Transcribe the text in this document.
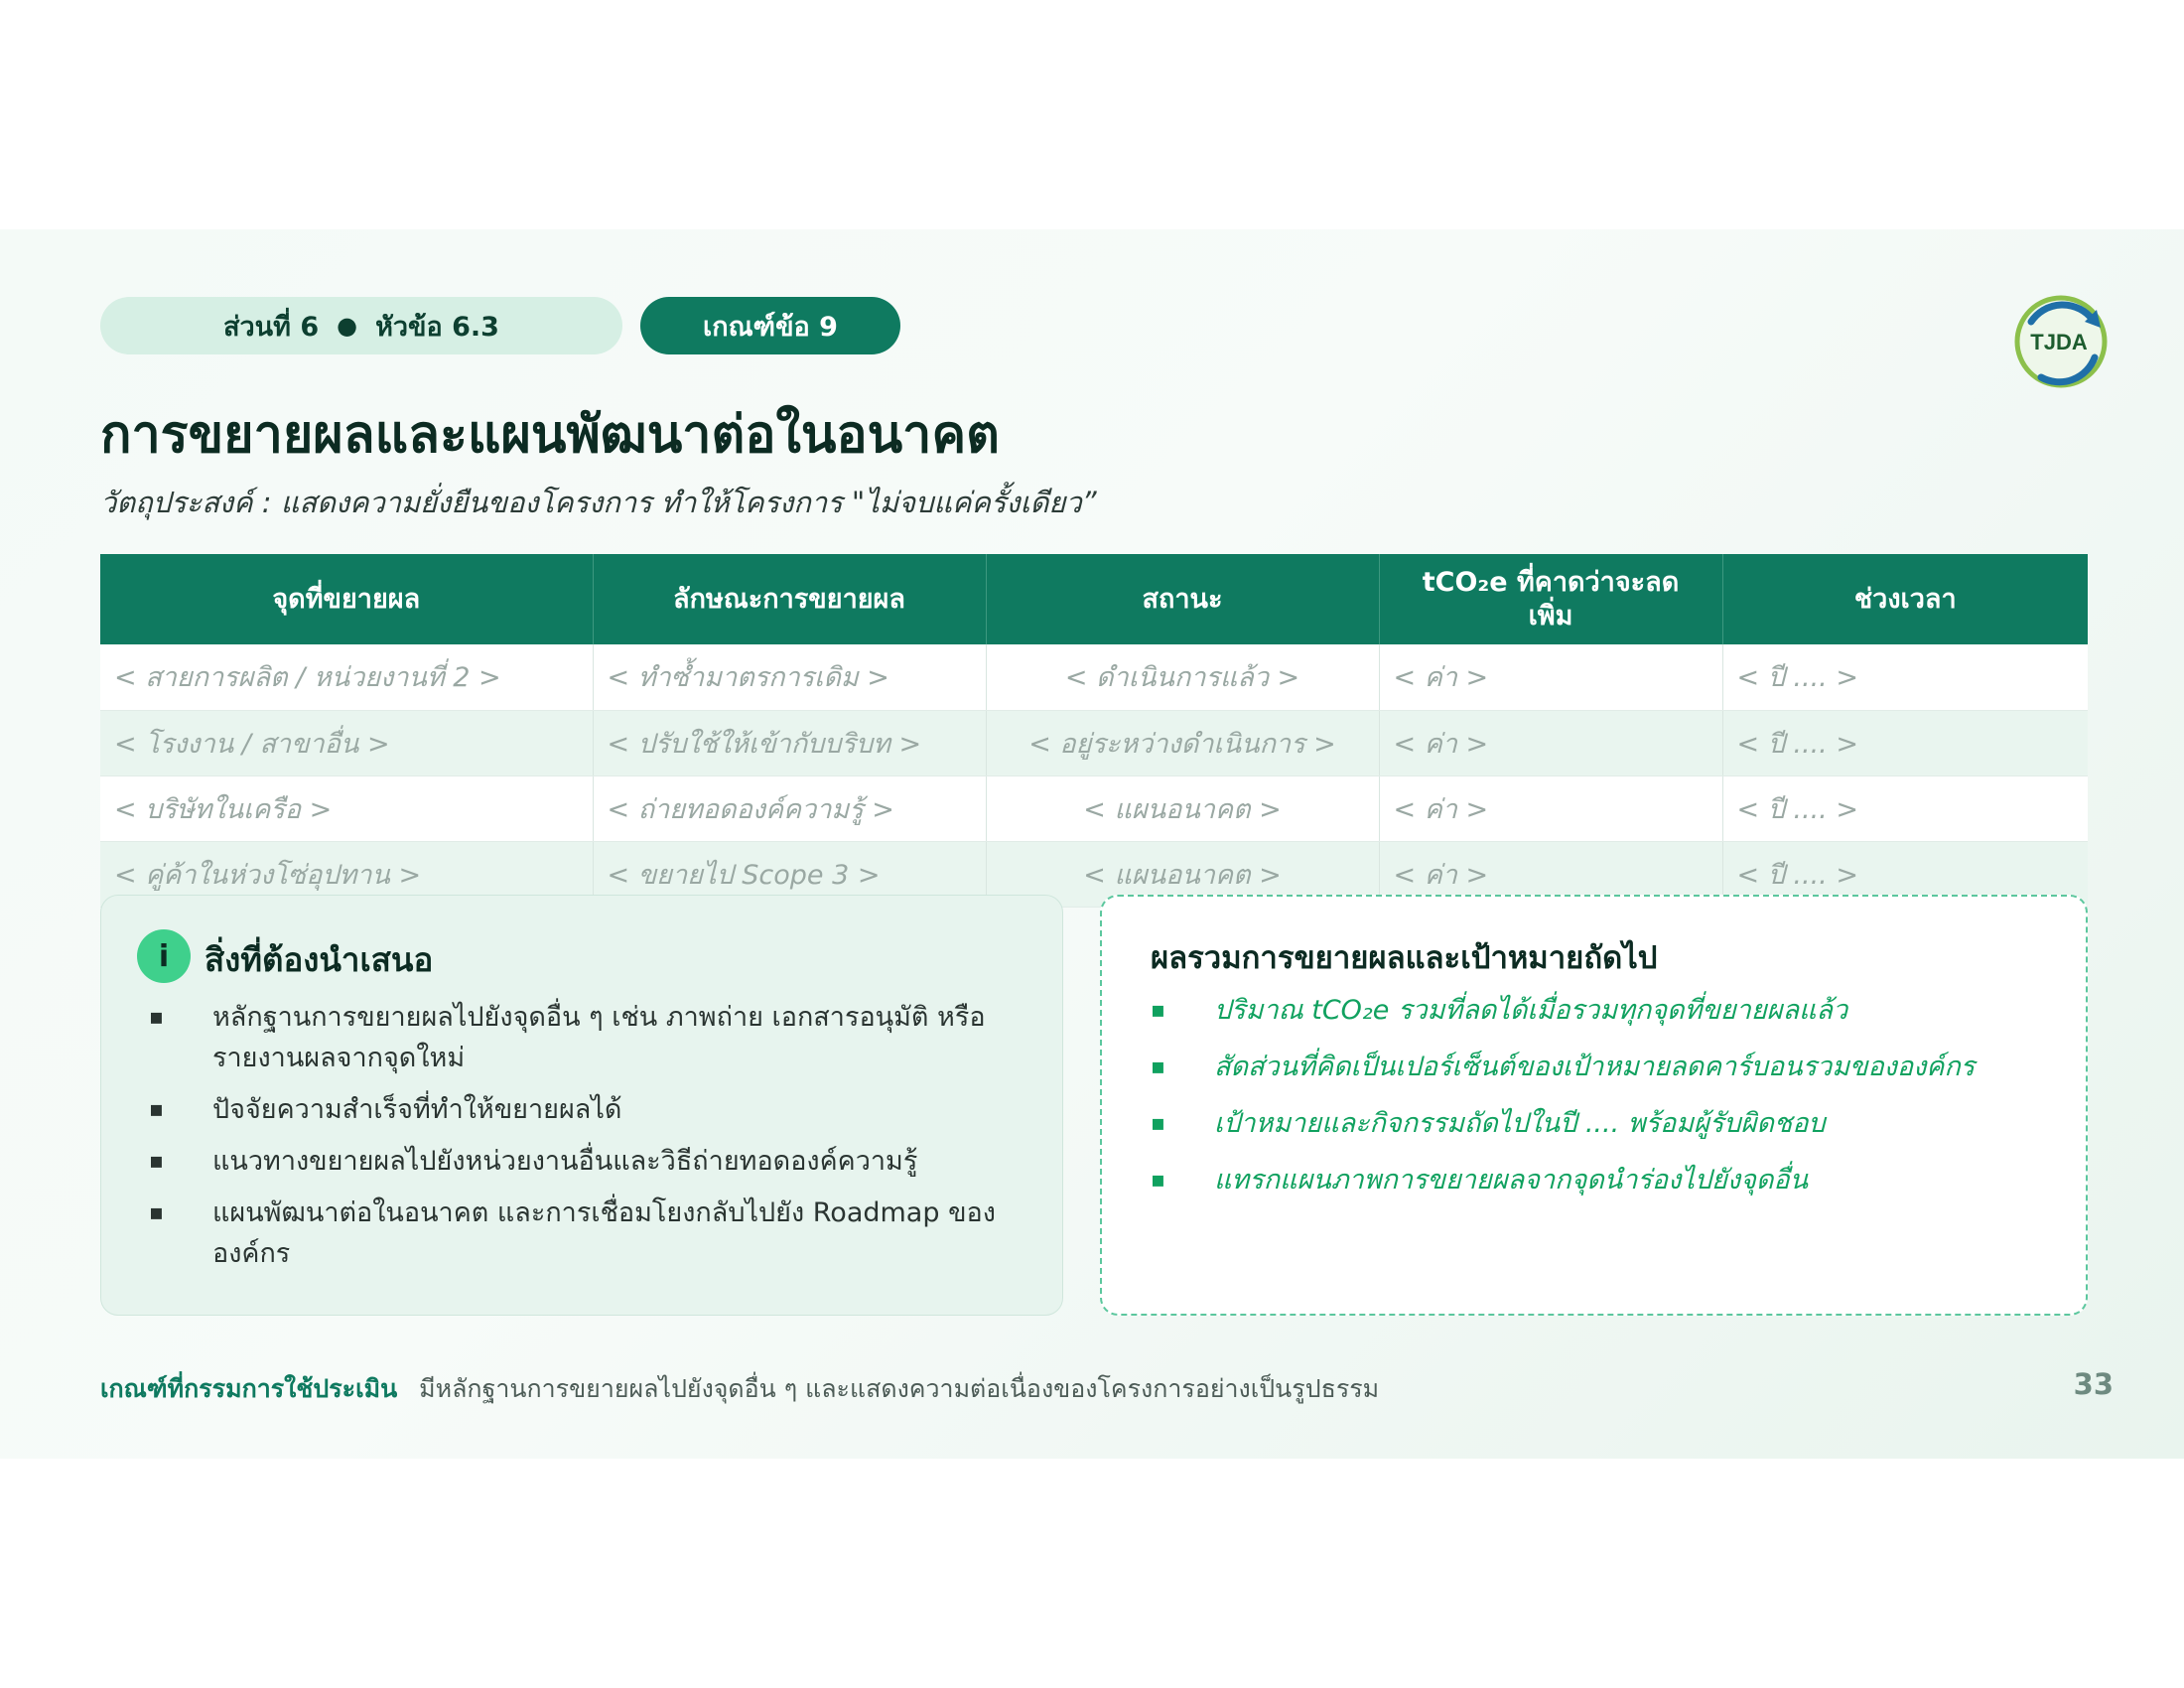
ส่วนที่ 6 ● หัวข้อ 6.3	เกณฑ์ข้อ 9	TJDA
การขยายผลและแผนพัฒนาต่อในอนาคต
วัตถุประสงค์ : แสดงความยั่งยืนของโครงการ ทำให้โครงการ "ไม่จบแค่ครั้งเดียว”
จุดที่ขยายผล	ลักษณะการขยายผล	สถานะ	tCO₂e ที่คาดว่าจะลดเพิ่ม	ช่วงเวลา
< สายการผลิต / หน่วยงานที่ 2 >	< ทำซ้ำมาตรการเดิม >	< ดำเนินการแล้ว >	< ค่า >	< ปี .... >
< โรงงาน / สาขาอื่น >	< ปรับใช้ให้เข้ากับบริบท >	< อยู่ระหว่างดำเนินการ >	< ค่า >	< ปี .... >
< บริษัทในเครือ >	< ถ่ายทอดองค์ความรู้ >	< แผนอนาคต >	< ค่า >	< ปี .... >
< คู่ค้าในห่วงโซ่อุปทาน >	< ขยายไป Scope 3 >	< แผนอนาคต >	< ค่า >	< ปี .... >
i	สิ่งที่ต้องนำเสนอ
▪ หลักฐานการขยายผลไปยังจุดอื่น ๆ เช่น ภาพถ่าย เอกสารอนุมัติ หรือรายงานผลจากจุดใหม่
▪ ปัจจัยความสำเร็จที่ทำให้ขยายผลได้
▪ แนวทางขยายผลไปยังหน่วยงานอื่นและวิธีถ่ายทอดองค์ความรู้
▪ แผนพัฒนาต่อในอนาคต และการเชื่อมโยงกลับไปยัง Roadmap ขององค์กร
ผลรวมการขยายผลและเป้าหมายถัดไป
▪ ปริมาณ tCO₂e รวมที่ลดได้เมื่อรวมทุกจุดที่ขยายผลแล้ว
▪ สัดส่วนที่คิดเป็นเปอร์เซ็นต์ของเป้าหมายลดคาร์บอนรวมขององค์กร
▪ เป้าหมายและกิจกรรมถัดไปในปี .... พร้อมผู้รับผิดชอบ
▪ แทรกแผนภาพการขยายผลจากจุดนำร่องไปยังจุดอื่น
เกณฑ์ที่กรรมการใช้ประเมิน มีหลักฐานการขยายผลไปยังจุดอื่น ๆ และแสดงความต่อเนื่องของโครงการอย่างเป็นรูปธรรม	33
